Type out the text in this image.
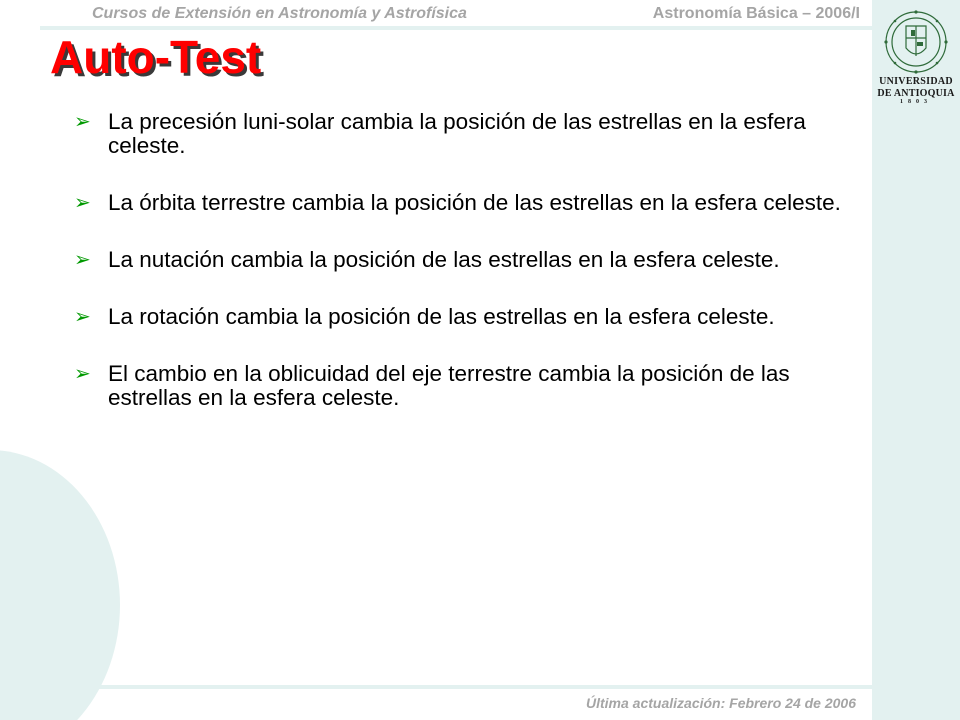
Cursos de Extensión en Astronomía y Astrofísica	Astronomía Básica – 2006/I
Auto-Test
➢ La precesión luni-solar cambia la posición de las estrellas en la esfera celeste.
➢ La órbita terrestre cambia la posición de las estrellas en la esfera celeste.
➢ La nutación cambia la posición de las estrellas en la esfera celeste.
➢ La rotación cambia la posición de las estrellas en la esfera celeste.
➢ El cambio en la oblicuidad del eje terrestre cambia la posición de las estrellas en la esfera celeste.
Última actualización: Febrero 24 de 2006
UNIVERSIDAD
DE ANTIOQUIA
1803
